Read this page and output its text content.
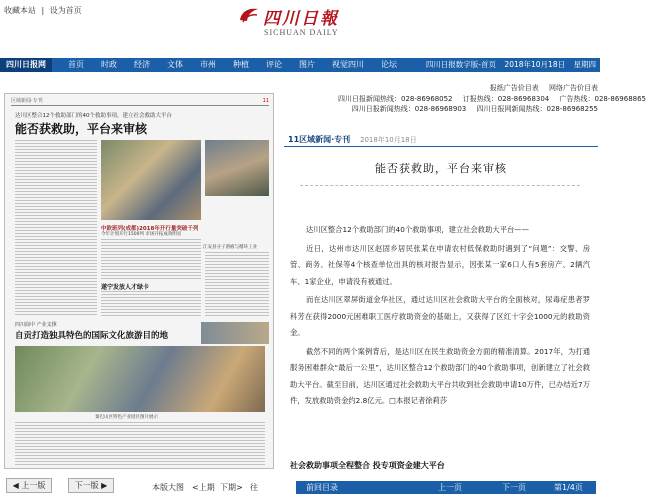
收藏本站 | 设为首页	四川日報
SICHUAN DAILY
四川日报网	首页 时政 经济 文体 市州 种植 评论 图片 视觉四川 论坛	四川日报数字版-首页 2018年10月18日 星期四
报纸广告价目表 网络广告价目表
四川日报新闻热线：028-86968052 订报热线：028-86968304 广告热线：028-86968865
四川日报新闻热线：028-86968903 四川日报网新闻热线：028-86968255
区域新闻·专刊	11
达川区整合12个救助部门的40个救助事项，建立社会救助大平台
能否获救助，平台来审核
江安县分子溶液与循环工业
中欧班列(成都)2018年开行量突破千列
今年计划开行1500列 市场开拓成效明显
遂宁发放人才绿卡
四川阆中 产业支撑
自贡打造独具特色的国际文化旅游目的地
秦巴山区特色产业园区图片展示
◀ 上一版	下一版 ▶	本版大图 <上期 下期> 往
11区域新闻·专刊 2018年10月18日
能否获救助，平台来审核

达川区整合12个救助部门的40个救助事项，建立社会救助大平台——

近日，达州市达川区赵固乡居民张某在申请农村低保救助时遇到了“问题”：交警、房管、商务、社保等4个核查单位出具的核对报告显示，因张某一家6口人有5套房产、2辆汽车、1家企业，申请没有被通过。

而在达川区翠屏街道金华社区，通过达川区社会救助大平台的全面核对，尿毒症患者罗科芳在获得2000元困难职工医疗救助资金的基础上，又获得了区红十字会1000元的救助资金。

截然不同的两个案例背后，是达川区在民生救助资金方面的精准清算。2017年，为打通服务困难群众“最后一公里”，达川区整合12个救助部门的40个救助事项，创新建立了社会救助大平台。截至目前，达川区通过社会救助大平台共收到社会救助申请10万件，已办结近7万件，发放救助资金约2.8亿元。□本报记者徐莉莎

社会救助事项全程整合 投专项资金建大平台
前回目录	上一页	下一页	第1/4页
